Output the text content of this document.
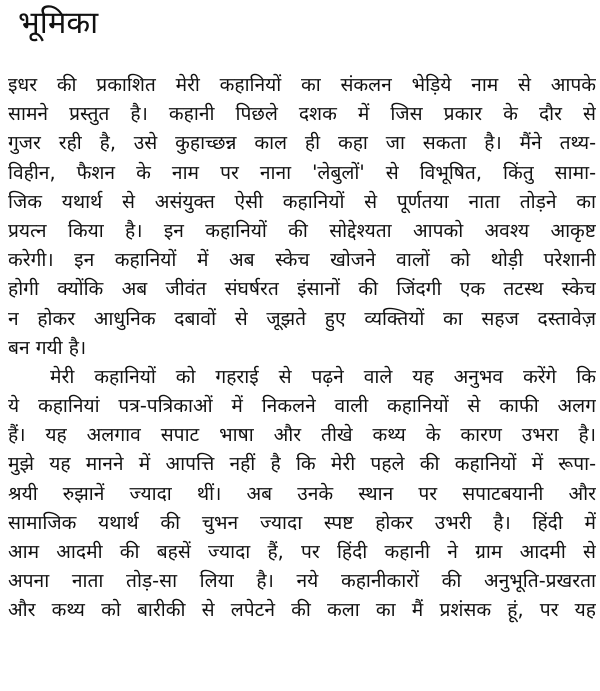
भूमिका
इधर की प्रकाशित मेरी कहानियों का संकलन भेड़िये नाम से आपके
सामने प्रस्तुत है। कहानी पिछले दशक में जिस प्रकार के दौर से
गुजर रही है, उसे कुहाच्छन्न काल ही कहा जा सकता है। मैंने तथ्य-
विहीन, फैशन के नाम पर नाना 'लेबुलों' से विभूषित, किंतु सामा-
जिक यथार्थ से असंयुक्त ऐसी कहानियों से पूर्णतया नाता तोड़ने का
प्रयत्न किया है। इन कहानियों की सोद्देश्यता आपको अवश्य आकृष्ट
करेगी। इन कहानियों में अब स्केच खोजने वालों को थोड़ी परेशानी
होगी क्योंकि अब जीवंत संघर्षरत इंसानों की जिंदगी एक तटस्थ स्केच
न होकर आधुनिक दबावों से जूझते हुए व्यक्तियों का सहज दस्तावेज़
बन गयी है।
मेरी कहानियों को गहराई से पढ़ने वाले यह अनुभव करेंगे कि
ये कहानियां पत्र-पत्रिकाओं में निकलने वाली कहानियों से काफी अलग
हैं। यह अलगाव सपाट भाषा और तीखे कथ्य के कारण उभरा है।
मुझे यह मानने में आपत्ति नहीं है कि मेरी पहले की कहानियों में रूपा-
श्रयी रुझानें ज्यादा थीं। अब उनके स्थान पर सपाटबयानी और
सामाजिक यथार्थ की चुभन ज्यादा स्पष्ट होकर उभरी है। हिंदी में
आम आदमी की बहसें ज्यादा हैं, पर हिंदी कहानी ने ग्राम आदमी से
अपना नाता तोड़-सा लिया है। नये कहानीकारों की अनुभूति-प्रखरता
और कथ्य को बारीकी से लपेटने की कला का मैं प्रशंसक हूं, पर यह
